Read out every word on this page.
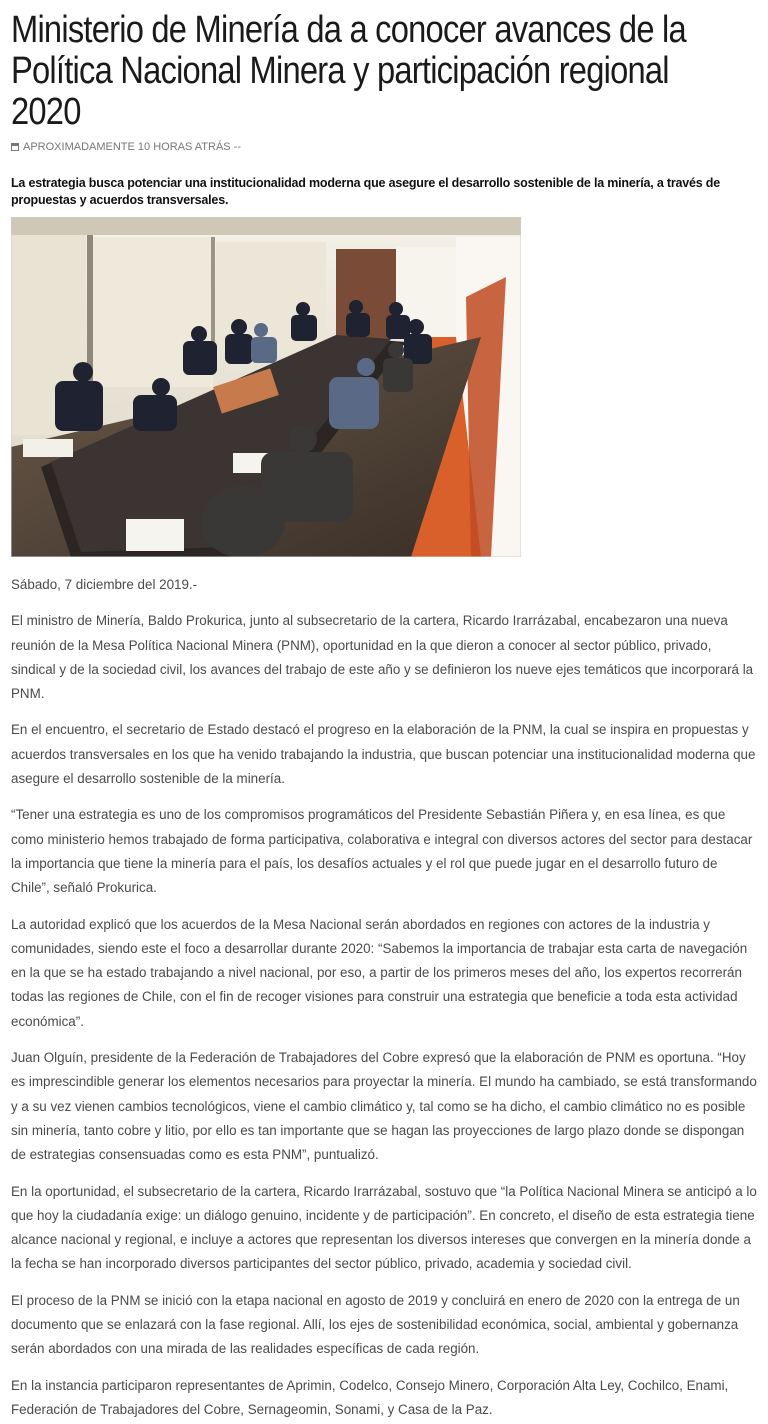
Ministerio de Minería da a conocer avances de la Política Nacional Minera y participación regional 2020
APROXIMADAMENTE 10 HORAS ATRÁS --

La estrategia busca potenciar una institucionalidad moderna que asegure el desarrollo sostenible de la minería, a través de propuestas y acuerdos transversales.

Sábado, 7 diciembre del 2019.-

El ministro de Minería, Baldo Prokurica, junto al subsecretario de la cartera, Ricardo Irarrázabal, encabezaron una nueva reunión de la Mesa Política Nacional Minera (PNM), oportunidad en la que dieron a conocer al sector público, privado, sindical y de la sociedad civil, los avances del trabajo de este año y se definieron los nueve ejes temáticos que incorporará la PNM.

En el encuentro, el secretario de Estado destacó el progreso en la elaboración de la PNM, la cual se inspira en propuestas y acuerdos transversales en los que ha venido trabajando la industria, que buscan potenciar una institucionalidad moderna que asegure el desarrollo sostenible de la minería.

“Tener una estrategia es uno de los compromisos programáticos del Presidente Sebastián Piñera y, en esa línea, es que como ministerio hemos trabajado de forma participativa, colaborativa e integral con diversos actores del sector para destacar la importancia que tiene la minería para el país, los desafíos actuales y el rol que puede jugar en el desarrollo futuro de Chile”, señaló Prokurica.

La autoridad explicó que los acuerdos de la Mesa Nacional serán abordados en regiones con actores de la industria y comunidades, siendo este el foco a desarrollar durante 2020: “Sabemos la importancia de trabajar esta carta de navegación en la que se ha estado trabajando a nivel nacional, por eso, a partir de los primeros meses del año, los expertos recorrerán todas las regiones de Chile, con el fin de recoger visiones para construir una estrategia que beneficie a toda esta actividad económica”.

Juan Olguín, presidente de la Federación de Trabajadores del Cobre expresó que la elaboración de PNM es oportuna. “Hoy es imprescindible generar los elementos necesarios para proyectar la minería. El mundo ha cambiado, se está transformando y a su vez vienen cambios tecnológicos, viene el cambio climático y, tal como se ha dicho, el cambio climático no es posible sin minería, tanto cobre y litio, por ello es tan importante que se hagan las proyecciones de largo plazo donde se dispongan de estrategias consensuadas como es esta PNM”, puntualizó.

En la oportunidad, el subsecretario de la cartera, Ricardo Irarrázabal, sostuvo que “la Política Nacional Minera se anticipó a lo que hoy la ciudadanía exige: un diálogo genuino, incidente y de participación”. En concreto, el diseño de esta estrategia tiene alcance nacional y regional, e incluye a actores que representan los diversos intereses que convergen en la minería donde a la fecha se han incorporado diversos participantes del sector público, privado, academia y sociedad civil.

El proceso de la PNM se inició con la etapa nacional en agosto de 2019 y concluirá en enero de 2020 con la entrega de un documento que se enlazará con la fase regional. Allí, los ejes de sostenibilidad económica, social, ambiental y gobernanza serán abordados con una mirada de las realidades específicas de cada región.

En la instancia participaron representantes de Aprimin, Codelco, Consejo Minero, Corporación Alta Ley, Cochilco, Enami, Federación de Trabajadores del Cobre, Sernageomin, Sonami, y Casa de la Paz.
